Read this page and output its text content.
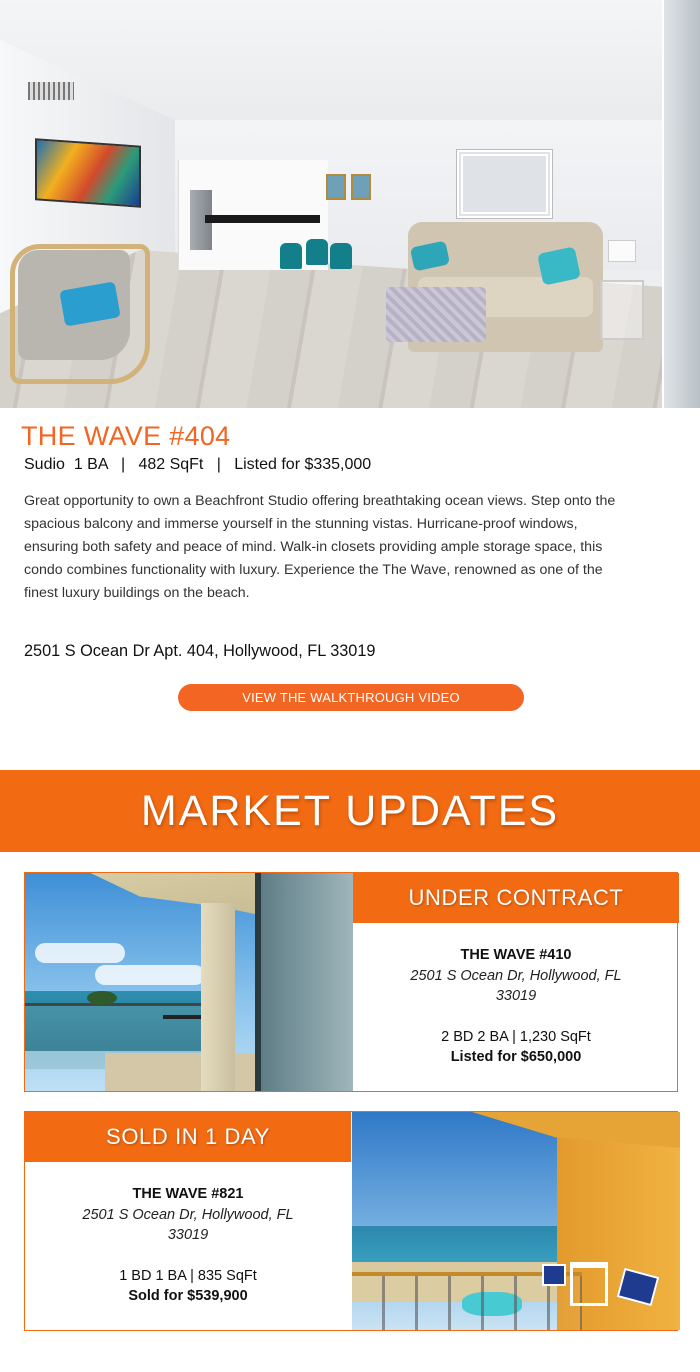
THE WAVE #404
Sudio  1 BA   |   482 SqFt   |   Listed for $335,000

Great opportunity to own a Beachfront Studio offering breathtaking ocean views. Step onto the spacious balcony and immerse yourself in the stunning vistas. Hurricane-proof windows, ensuring both safety and peace of mind. Walk-in closets providing ample storage space, this condo combines functionality with luxury. Experience the The Wave, renowned as one of the finest luxury buildings on the beach.

2501 S Ocean Dr Apt. 404, Hollywood, FL 33019
VIEW THE WALKTHROUGH VIDEO
MARKET UPDATES
UNDER CONTRACT
THE WAVE #410
2501 S Ocean Dr, Hollywood, FL 33019
2 BD 2 BA | 1,230 SqFt
Listed for $650,000
SOLD IN 1 DAY
THE WAVE #821
2501 S Ocean Dr, Hollywood, FL 33019
1 BD 1 BA | 835 SqFt
Sold for $539,900
